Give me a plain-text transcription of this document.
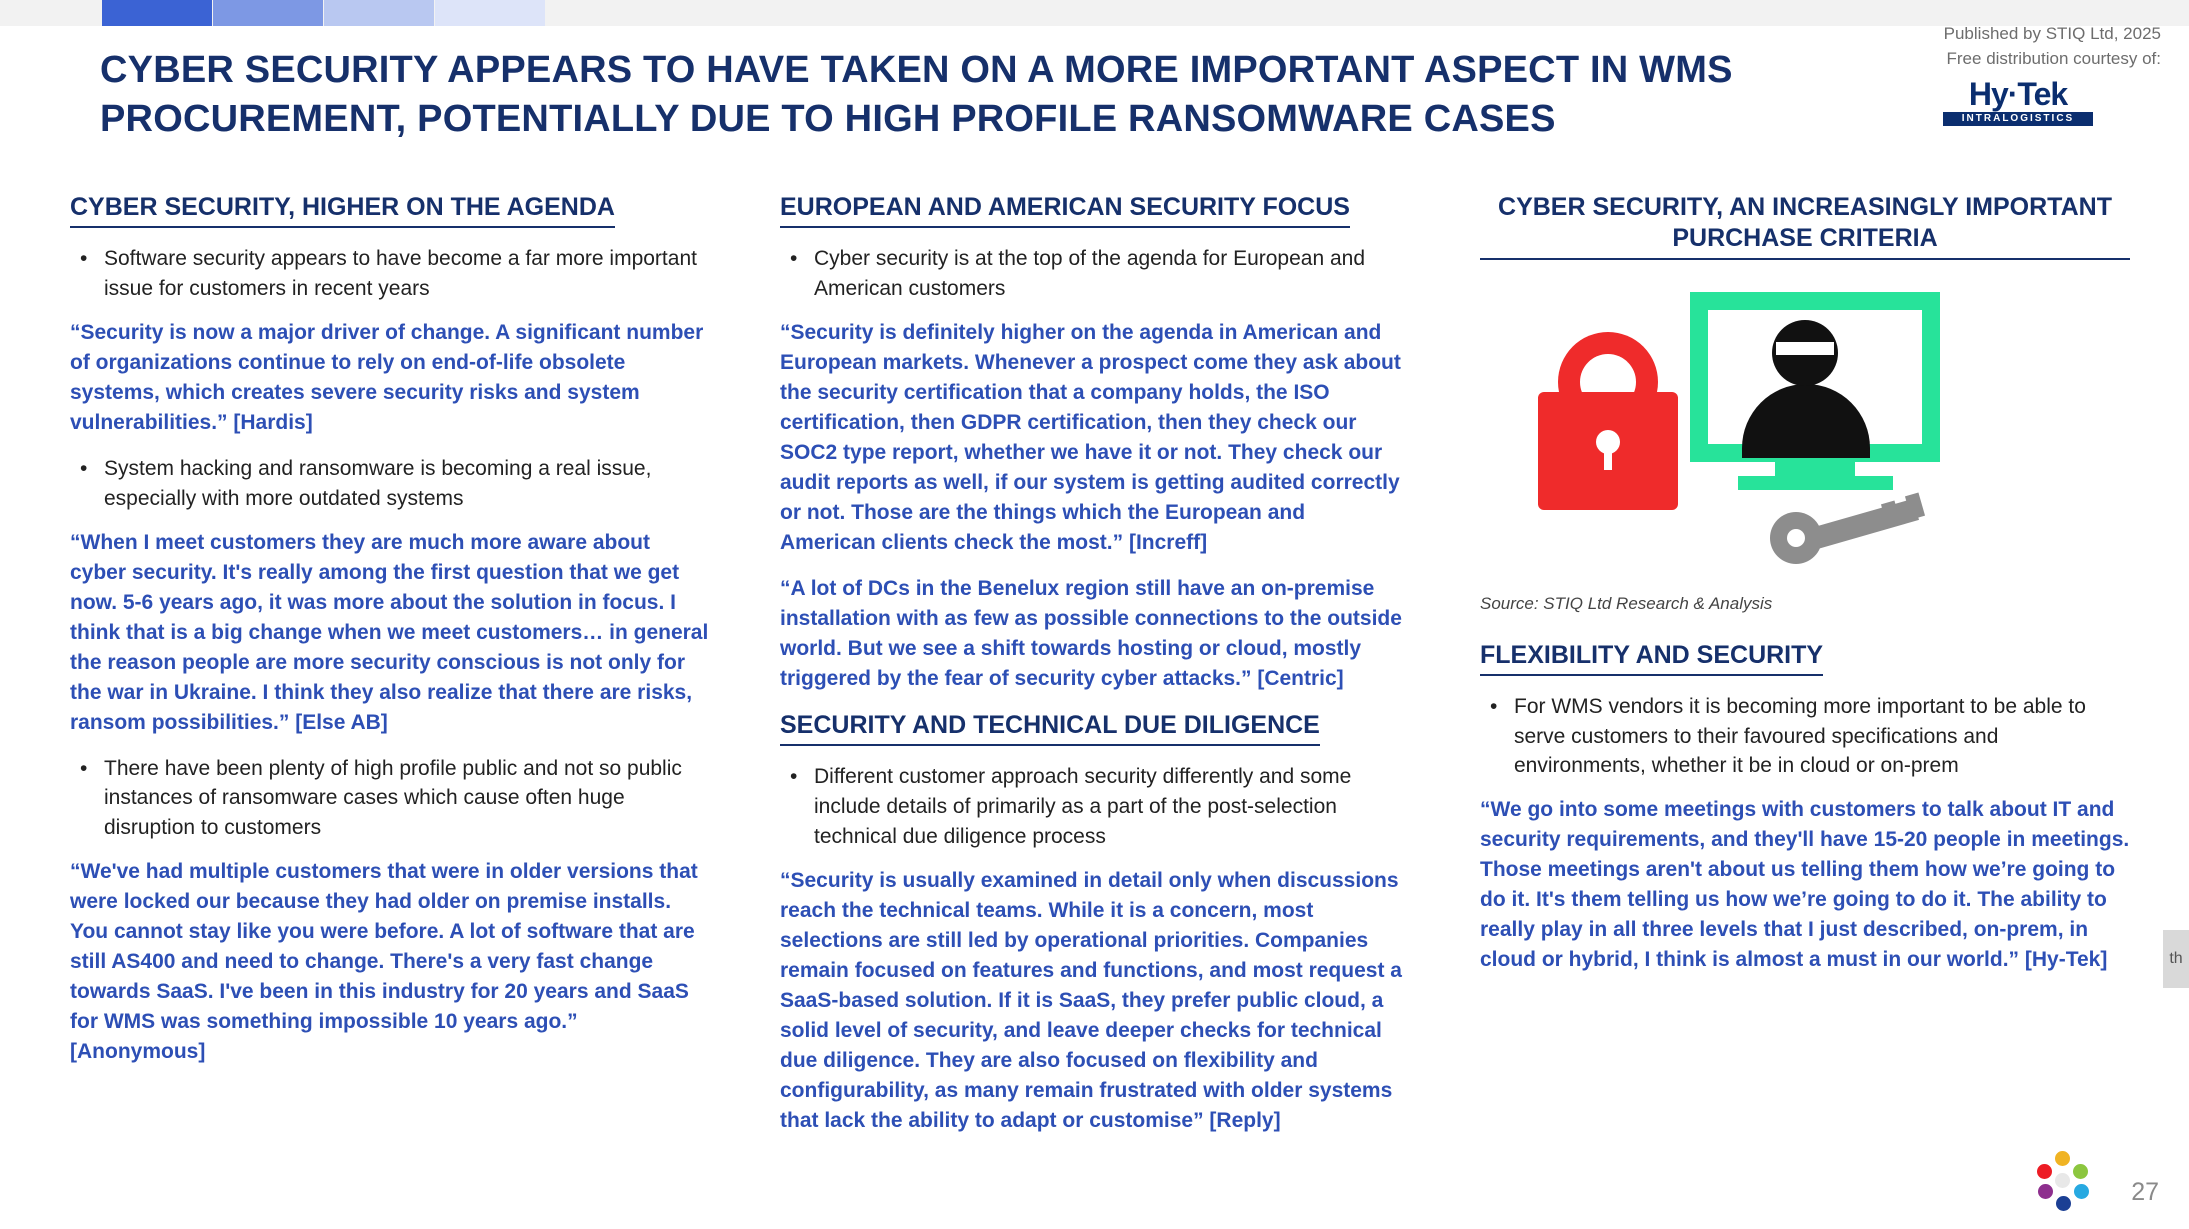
Published by STIQ Ltd, 2025
Free distribution courtesy of:
Hy·Tek
INTRALOGISTICS
CYBER SECURITY APPEARS TO HAVE TAKEN ON A MORE IMPORTANT ASPECT IN WMS PROCUREMENT, POTENTIALLY DUE TO HIGH PROFILE RANSOMWARE CASES
CYBER SECURITY, HIGHER ON THE AGENDA
• Software security appears to have become a far more important issue for customers in recent years

“Security is now a major driver of change. A significant number of organizations continue to rely on end-of-life obsolete systems, which creates severe security risks and system vulnerabilities.” [Hardis]

• System hacking and ransomware is becoming a real issue, especially with more outdated systems

“When I meet customers they are much more aware about cyber security. It's really among the first question that we get now. 5-6 years ago, it was more about the solution in focus. I think that is a big change when we meet customers… in general the reason people are more security conscious is not only for the war in Ukraine. I think they also realize that there are risks, ransom possibilities.” [Else AB]

• There have been plenty of high profile public and not so public instances of ransomware cases which cause often huge disruption to customers

“We've had multiple customers that were in older versions that were locked our because they had older on premise installs. You cannot stay like you were before. A lot of software that are still AS400 and need to change. There's a very fast change towards SaaS. I've been in this industry for 20 years and SaaS for WMS was something impossible 10 years ago.” [Anonymous]

EUROPEAN AND AMERICAN SECURITY FOCUS
• Cyber security is at the top of the agenda for European and American customers

“Security is definitely higher on the agenda in American and European markets. Whenever a prospect come they ask about the security certification that a company holds, the ISO certification, then GDPR certification, then they check our SOC2 type report, whether we have it or not. They check our audit reports as well, if our system is getting audited correctly or not. Those are the things which the European and American clients check the most.” [Increff]

“A lot of DCs in the Benelux region still have an on-premise installation with as few as possible connections to the outside world. But we see a shift towards hosting or cloud, mostly triggered by the fear of security cyber attacks.” [Centric]

SECURITY AND TECHNICAL DUE DILIGENCE
• Different customer approach security differently and some include details of primarily as a part of the post-selection technical due diligence process

“Security is usually examined in detail only when discussions reach the technical teams. While it is a concern, most selections are still led by operational priorities. Companies remain focused on features and functions, and most request a SaaS-based solution. If it is SaaS, they prefer public cloud, a solid level of security, and leave deeper checks for technical due diligence. They are also focused on flexibility and configurability, as many remain frustrated with older systems that lack the ability to adapt or customise” [Reply]

CYBER SECURITY, AN INCREASINGLY IMPORTANT PURCHASE CRITERIA
Source: STIQ Ltd Research & Analysis
FLEXIBILITY AND SECURITY
• For WMS vendors it is becoming more important to be able to serve customers to their favoured specifications and environments, whether it be in cloud or on-prem

“We go into some meetings with customers to talk about IT and security requirements, and they'll have 15-20 people in meetings. Those meetings aren't about us telling them how we’re going to do it. It's them telling us how we’re going to do it. The ability to really play in all three levels that I just described, on-prem, in cloud or hybrid, I think is almost a must in our world.” [Hy-Tek]	th
27
